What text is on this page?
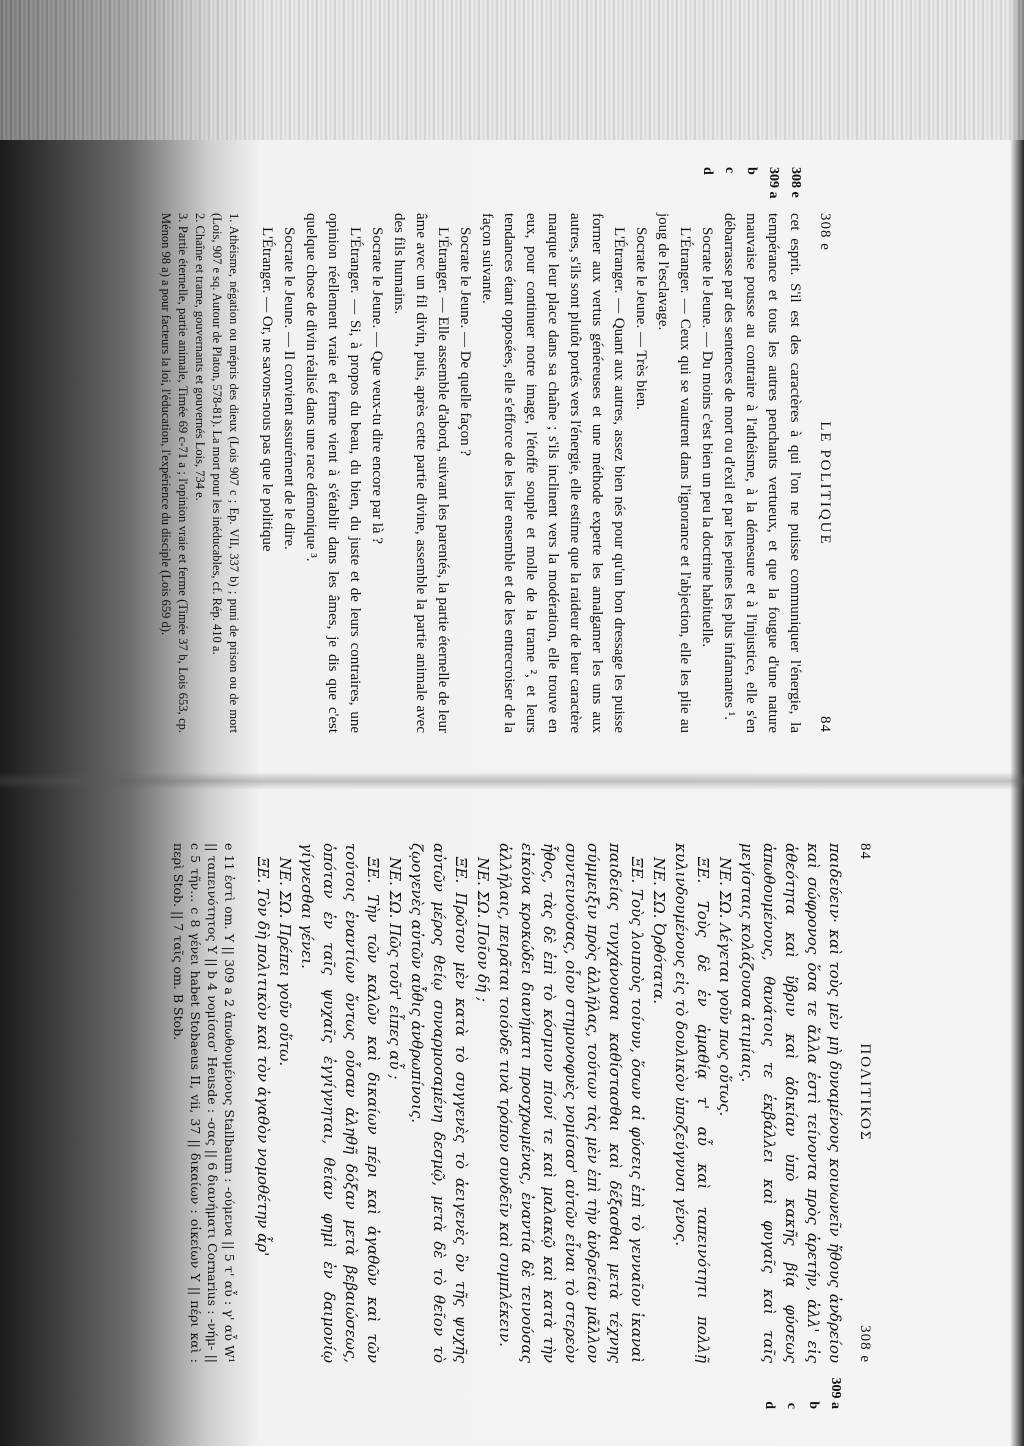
308 e
LE POLITIQUE
84
308 e
309 a
b
c
d

cet esprit. S'il est des caractères à qui l'on ne puisse communiquer l'énergie, la tempérance et tous les autres penchants vertueux, et que la fougue d'une nature mauvaise pousse au contraire à l'athéisme, à la démesure et à l'injustice, elle s'en débarrasse par des sentences de mort ou d'exil et par les peines les plus infamantes ¹.

Socrate le Jeune. — Du moins c'est bien un peu la doctrine habituelle.

L'Étranger. — Ceux qui se vautrent dans l'ignorance et l'abjection, elle les plie au joug de l'esclavage.

Socrate le Jeune. — Très bien.

L'Étranger. — Quant aux autres, assez bien nés pour qu'un bon dressage les puisse former aux vertus généreuses et une méthode experte les amalgamer les uns aux autres, s'ils sont plutôt portés vers l'énergie, elle estime que la raideur de leur caractère marque leur place dans sa chaîne ; s'ils inclinent vers la modération, elle trouve en eux, pour continuer notre image, l'étoffe souple et molle de la trame ², et leurs tendances étant opposées, elle s'efforce de les lier ensemble et de les entrecroiser de la façon suivante.

Socrate le Jeune. — De quelle façon ?

L'Étranger. — Elle assemble d'abord, suivant les parentés, la partie éternelle de leur âme avec un fil divin, puis, après cette partie divine, assemble la partie animale avec des fils humains.

Socrate le Jeune. — Que veux-tu dire encore par là ?

L'Étranger. — Si, à propos du beau, du bien, du juste et de leurs contraires, une opinion réellement vraie et ferme vient à s'établir dans les âmes, je dis que c'est quelque chose de divin réalisé dans une race démonique ³.

Socrate le Jeune. — Il convient assurément de le dire.

L'Étranger. — Or, ne savons-nous pas que le politique

1. Athéisme, négation ou mépris des dieux (Lois 907 c ; Ep. VII, 337 b) ; puni de prison ou de mort (Lois, 907 e sq. Autour de Platon, 578-81). La mort pour les inéducables, cf. Rép. 410 a.

2. Chaîne et trame, gouvernants et gouvernés Lois, 734 e.

3. Partie éternelle, partie animale, Timée 69 c-71 a ; l'opinion vraie et ferme (Timée 37 b, Lois 653, cp. Ménon 98 a) a pour facteurs la loi, l'éducation, l'expérience du disciple (Lois 659 d).

84
ΠΟΛΙΤΙΚΟΣ
308 e
309 a
b
c
d

παιδεύειν· καὶ τοὺς μὲν μὴ δυναμένους κοινωνεῖν ἤθους ἀνδρείου καὶ σώφρονος ὅσα τε ἄλλα ἐστὶ τείνοντα πρὸς ἀρετήν, ἀλλ' εἰς ἀθεότητα καὶ ὕβριν καὶ ἀδικίαν ὑπὸ κακῆς βίᾳ φύσεως ἀπωθουμένους, θανάτοις τε ἐκβάλλει καὶ φυγαῖς καὶ ταῖς μεγίσταις κολάζουσα ἀτιμίαις.

ΝΕ. ΣΩ. Λέγεται γοῦν πως οὕτως.

ΞΕ. Τοὺς δὲ ἐν ἀμαθίᾳ τ' αὖ καὶ ταπεινότητι πολλῇ κυλινδουμένους εἰς τὸ δουλικὸν ὑποζεύγνυσι γένος.

ΝΕ. ΣΩ. Ὀρθότατα.

ΞΕ. Τοὺς λοιποὺς τοίνυν, ὅσων αἱ φύσεις ἐπὶ τὸ γενναῖον ἱκαναὶ παιδείας τυγχάνουσαι καθίστασθαι καὶ δέξασθαι μετὰ τέχνης σύμμειξιν πρὸς ἀλλήλας, τούτων τὰς μὲν ἐπὶ τὴν ἀνδρείαν μᾶλλον συντεινούσας, οἷον στημονοφυὲς νομίσασ' αὐτῶν εἶναι τὸ στερεὸν ἦθος, τὰς δὲ ἐπὶ τὸ κόσμιον πίονί τε καὶ μαλακῷ καὶ κατὰ τὴν εἰκόνα κροκώδει διανήματι προσχρωμένας, ἐναντία δὲ τεινούσας ἀλλήλαις, πειρᾶται τοιόνδε τινὰ τρόπον συνδεῖν καὶ συμπλέκειν.

ΝΕ. ΣΩ. Ποῖον δή ;

ΞΕ. Πρῶτον μὲν κατὰ τὸ συγγενὲς τὸ ἀειγενὲς ὂν τῆς ψυχῆς αὐτῶν μέρος θείῳ συναρμοσαμένη δεσμῷ, μετὰ δὲ τὸ θεῖον τὸ ζῳογενὲς αὐτῶν αὖθις ἀνθρωπίνοις.

ΝΕ. ΣΩ. Πῶς τοῦτ' εἶπες αὖ ;

ΞΕ. Τὴν τῶν καλῶν καὶ δικαίων πέρι καὶ ἀγαθῶν καὶ τῶν τούτοις ἐναντίων ὄντως οὖσαν ἀληθῆ δόξαν μετὰ βεβαιώσεως, ὁπόταν ἐν ταῖς ψυχαῖς ἐγγίγνηται, θείαν φημὶ ἐν δαιμονίῳ γίγνεσθαι γένει.

ΝΕ. ΣΩ. Πρέπει γοῦν οὕτω.

ΞΕ. Τὸν δὴ πολιτικὸν καὶ τὸν ἀγαθὸν νομοθέτην ἆρ'

e 11 ἐστὶ om. Y || 309 a 2 ἀπωθουμένους Stallbaum : -ούμενα || 5 τ' αὖ : γ' αὖ W¹ || ταπεινότητος Y || b 4 νομίσασ' Heusde : -σας || 6 διανήματι Cornarius : -νήμ- || c 5 τῆν... c 8 γένει habet Stobaeus II, vii, 37 || δικαίων : οἰκείων Y || πέρι καὶ : περὶ Stob. || 7 ταῖς om. B Stob.
